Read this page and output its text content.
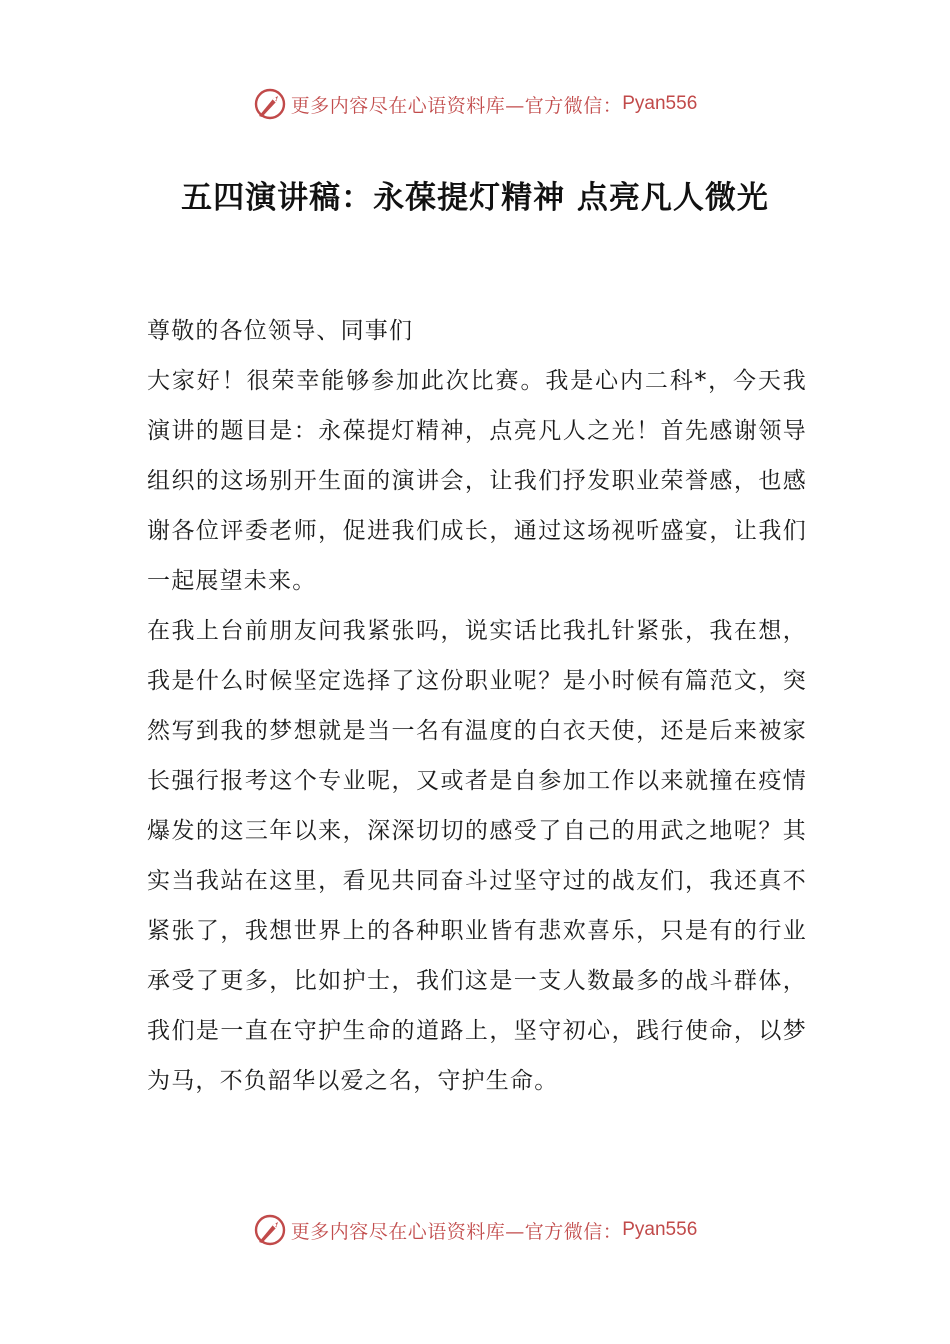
更多内容尽在心语资料库—官方微信： Pyan556
五四演讲稿：永葆提灯精神 点亮凡人微光

尊敬的各位领导、同事们

大家好！很荣幸能够参加此次比赛。我是心内二科*，今天我演讲的题目是：永葆提灯精神，点亮凡人之光！首先感谢领导组织的这场别开生面的演讲会，让我们抒发职业荣誉感，也感谢各位评委老师，促进我们成长，通过这场视听盛宴，让我们一起展望未来。

在我上台前朋友问我紧张吗，说实话比我扎针紧张，我在想，我是什么时候坚定选择了这份职业呢？是小时候有篇范文，突然写到我的梦想就是当一名有温度的白衣天使，还是后来被家长强行报考这个专业呢，又或者是自参加工作以来就撞在疫情爆发的这三年以来，深深切切的感受了自己的用武之地呢？其实当我站在这里，看见共同奋斗过坚守过的战友们，我还真不紧张了，我想世界上的各种职业皆有悲欢喜乐，只是有的行业承受了更多，比如护士，我们这是一支人数最多的战斗群体，我们是一直在守护生命的道路上，坚守初心，践行使命，以梦为马，不负韶华以爱之名，守护生命。

更多内容尽在心语资料库—官方微信： Pyan556
